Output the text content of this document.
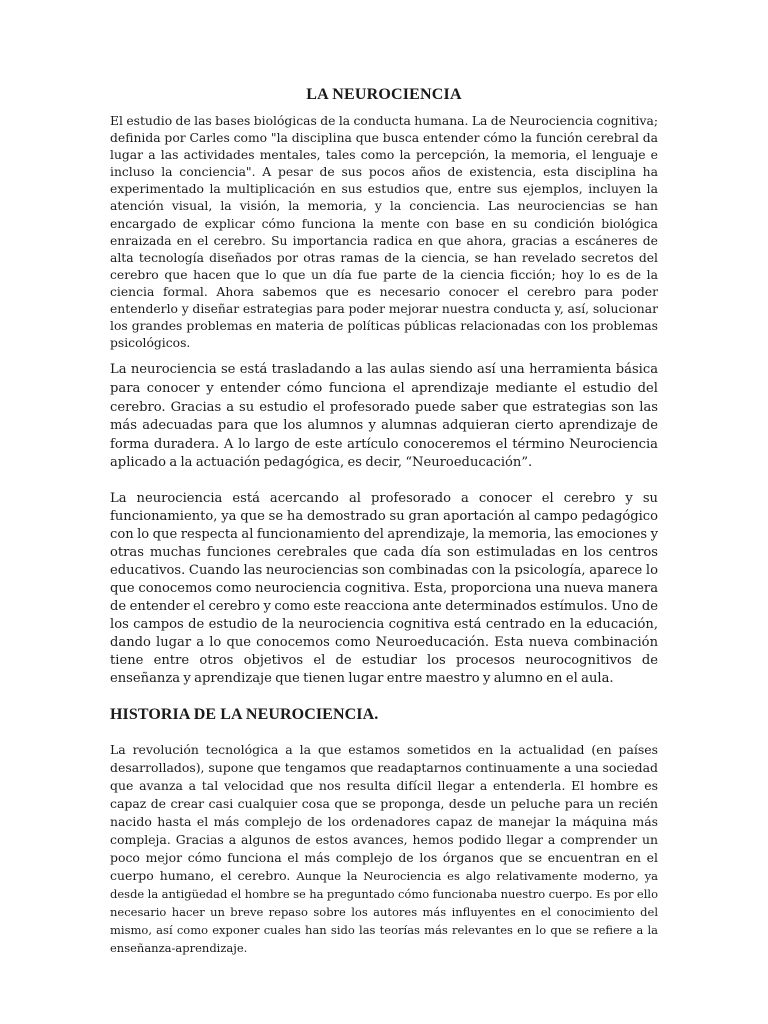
LA NEUROCIENCIA

El estudio de las bases biológicas de la conducta humana. La de Neurociencia cognitiva; definida por Carles como "la disciplina que busca entender cómo la función cerebral da lugar a las actividades mentales, tales como la percepción, la memoria, el lenguaje e incluso la conciencia". A pesar de sus pocos años de existencia, esta disciplina ha experimentado la multiplicación en sus estudios que, entre sus ejemplos, incluyen la atención visual, la visión, la memoria, y la conciencia. Las neurociencias se han encargado de explicar cómo funciona la mente con base en su condición biológica enraizada en el cerebro. Su importancia radica en que ahora, gracias a escáneres de alta tecnología diseñados por otras ramas de la ciencia, se han revelado secretos del cerebro que hacen que lo que un día fue parte de la ciencia ficción; hoy lo es de la ciencia formal. Ahora sabemos que es necesario conocer el cerebro para poder entenderlo y diseñar estrategias para poder mejorar nuestra conducta y, así, solucionar los grandes problemas en materia de políticas públicas relacionadas con los problemas psicológicos.

La neurociencia se está trasladando a las aulas siendo así una herramienta básica para conocer y entender cómo funciona el aprendizaje mediante el estudio del cerebro. Gracias a su estudio el profesorado puede saber que estrategias son las más adecuadas para que los alumnos y alumnas adquieran cierto aprendizaje de forma duradera. A lo largo de este artículo conoceremos el término Neurociencia aplicado a la actuación pedagógica, es decir, “Neuroeducación”.

La neurociencia está acercando al profesorado a conocer el cerebro y su funcionamiento, ya que se ha demostrado su gran aportación al campo pedagógico con lo que respecta al funcionamiento del aprendizaje, la memoria, las emociones y otras muchas funciones cerebrales que cada día son estimuladas en los centros educativos. Cuando las neurociencias son combinadas con la psicología, aparece lo que conocemos como neurociencia cognitiva. Esta, proporciona una nueva manera de entender el cerebro y como este reacciona ante determinados estímulos. Uno de los campos de estudio de la neurociencia cognitiva está centrado en la educación, dando lugar a lo que conocemos como Neuroeducación. Esta nueva combinación tiene entre otros objetivos el de estudiar los procesos neurocognitivos de enseñanza y aprendizaje que tienen lugar entre maestro y alumno en el aula.

HISTORIA DE LA NEUROCIENCIA.

La revolución tecnológica a la que estamos sometidos en la actualidad (en países desarrollados), supone que tengamos que readaptarnos continuamente a una sociedad que avanza a tal velocidad que nos resulta difícil llegar a entenderla. El hombre es capaz de crear casi cualquier cosa que se proponga, desde un peluche para un recién nacido hasta el más complejo de los ordenadores capaz de manejar la máquina más compleja. Gracias a algunos de estos avances, hemos podido llegar a comprender un poco mejor cómo funciona el más complejo de los órganos que se encuentran en el cuerpo humano, el cerebro. Aunque la Neurociencia es algo relativamente moderno, ya desde la antigüedad el hombre se ha preguntado cómo funcionaba nuestro cuerpo. Es por ello necesario hacer un breve repaso sobre los autores más influyentes en el conocimiento del mismo, así como exponer cuales han sido las teorías más relevantes en lo que se refiere a la enseñanza-aprendizaje.
